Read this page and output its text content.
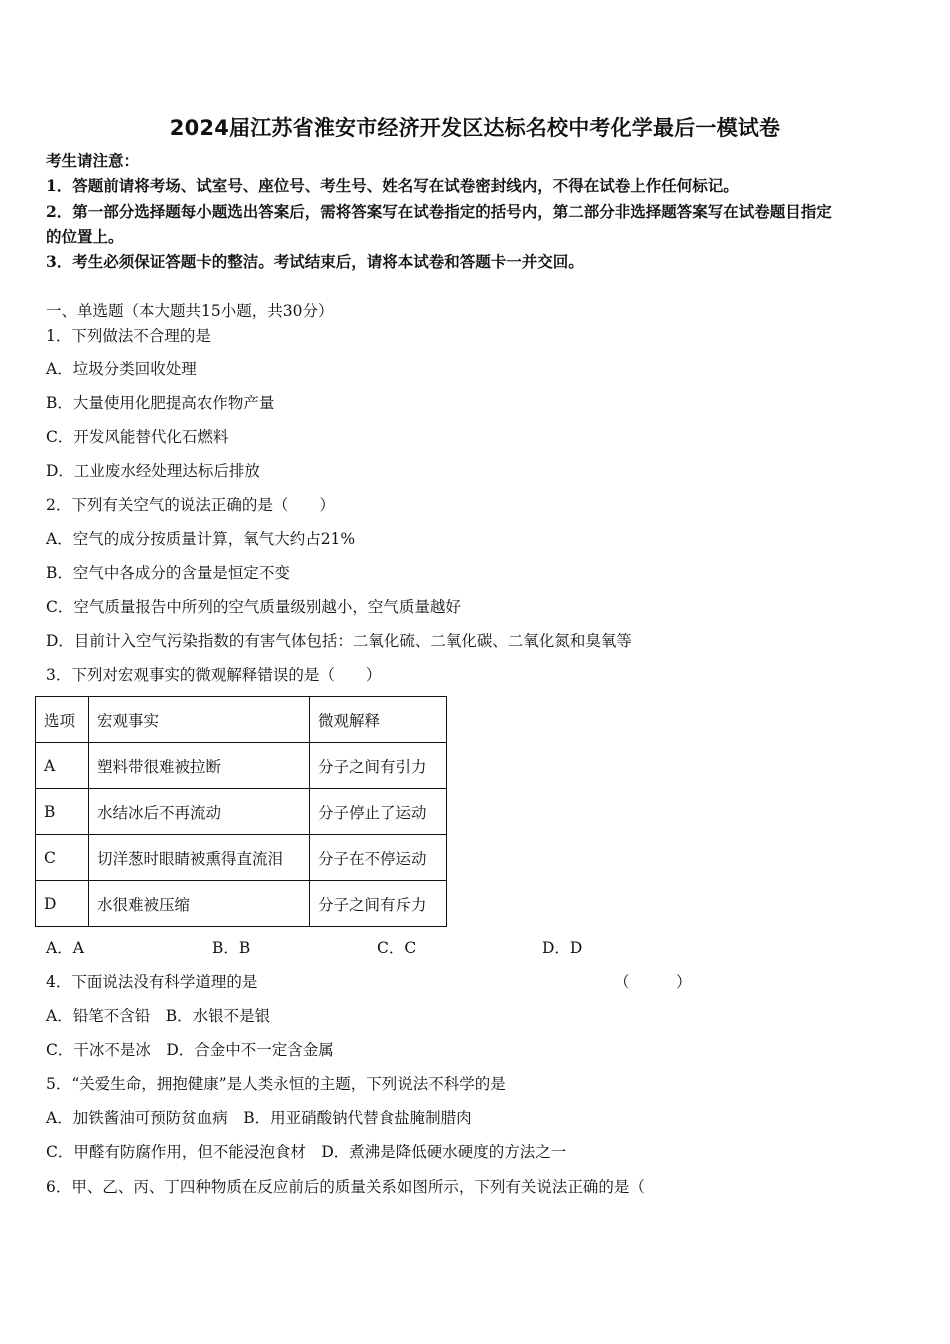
2024届江苏省淮安市经济开发区达标名校中考化学最后一模试卷
考生请注意：
1．答题前请将考场、试室号、座位号、考生号、姓名写在试卷密封线内，不得在试卷上作任何标记。
2．第一部分选择题每小题选出答案后，需将答案写在试卷指定的括号内，第二部分非选择题答案写在试卷题目指定
的位置上。
3．考生必须保证答题卡的整洁。考试结束后，请将本试卷和答题卡一并交回。
一、单选题（本大题共15小题，共30分）
1．下列做法不合理的是
A．垃圾分类回收处理
B．大量使用化肥提高农作物产量
C．开发风能替代化石燃料
D．工业废水经处理达标后排放
2．下列有关空气的说法正确的是（　　）
A．空气的成分按质量计算，氧气大约占21%
B．空气中各成分的含量是恒定不变
C．空气质量报告中所列的空气质量级别越小，空气质量越好
D．目前计入空气污染指数的有害气体包括：二氧化硫、二氧化碳、二氧化氮和臭氧等
3．下列对宏观事实的微观解释错误的是（　　）
选项	宏观事实	微观解释
A	塑料带很难被拉断	分子之间有引力
B	水结冰后不再流动	分子停止了运动
C	切洋葱时眼睛被熏得直流泪	分子在不停运动
D	水很难被压缩	分子之间有斥力
A．A	B．B	C．C	D．D
4．下面说法没有科学道理的是	（　　　）
A．铅笔不含铅　B．水银不是银
C．干冰不是冰　D．合金中不一定含金属
5．“关爱生命，拥抱健康”是人类永恒的主题，下列说法不科学的是
A．加铁酱油可预防贫血病　B．用亚硝酸钠代替食盐腌制腊肉
C．甲醛有防腐作用，但不能浸泡食材　D．煮沸是降低硬水硬度的方法之一
6．甲、乙、丙、丁四种物质在反应前后的质量关系如图所示，下列有关说法正确的是（
